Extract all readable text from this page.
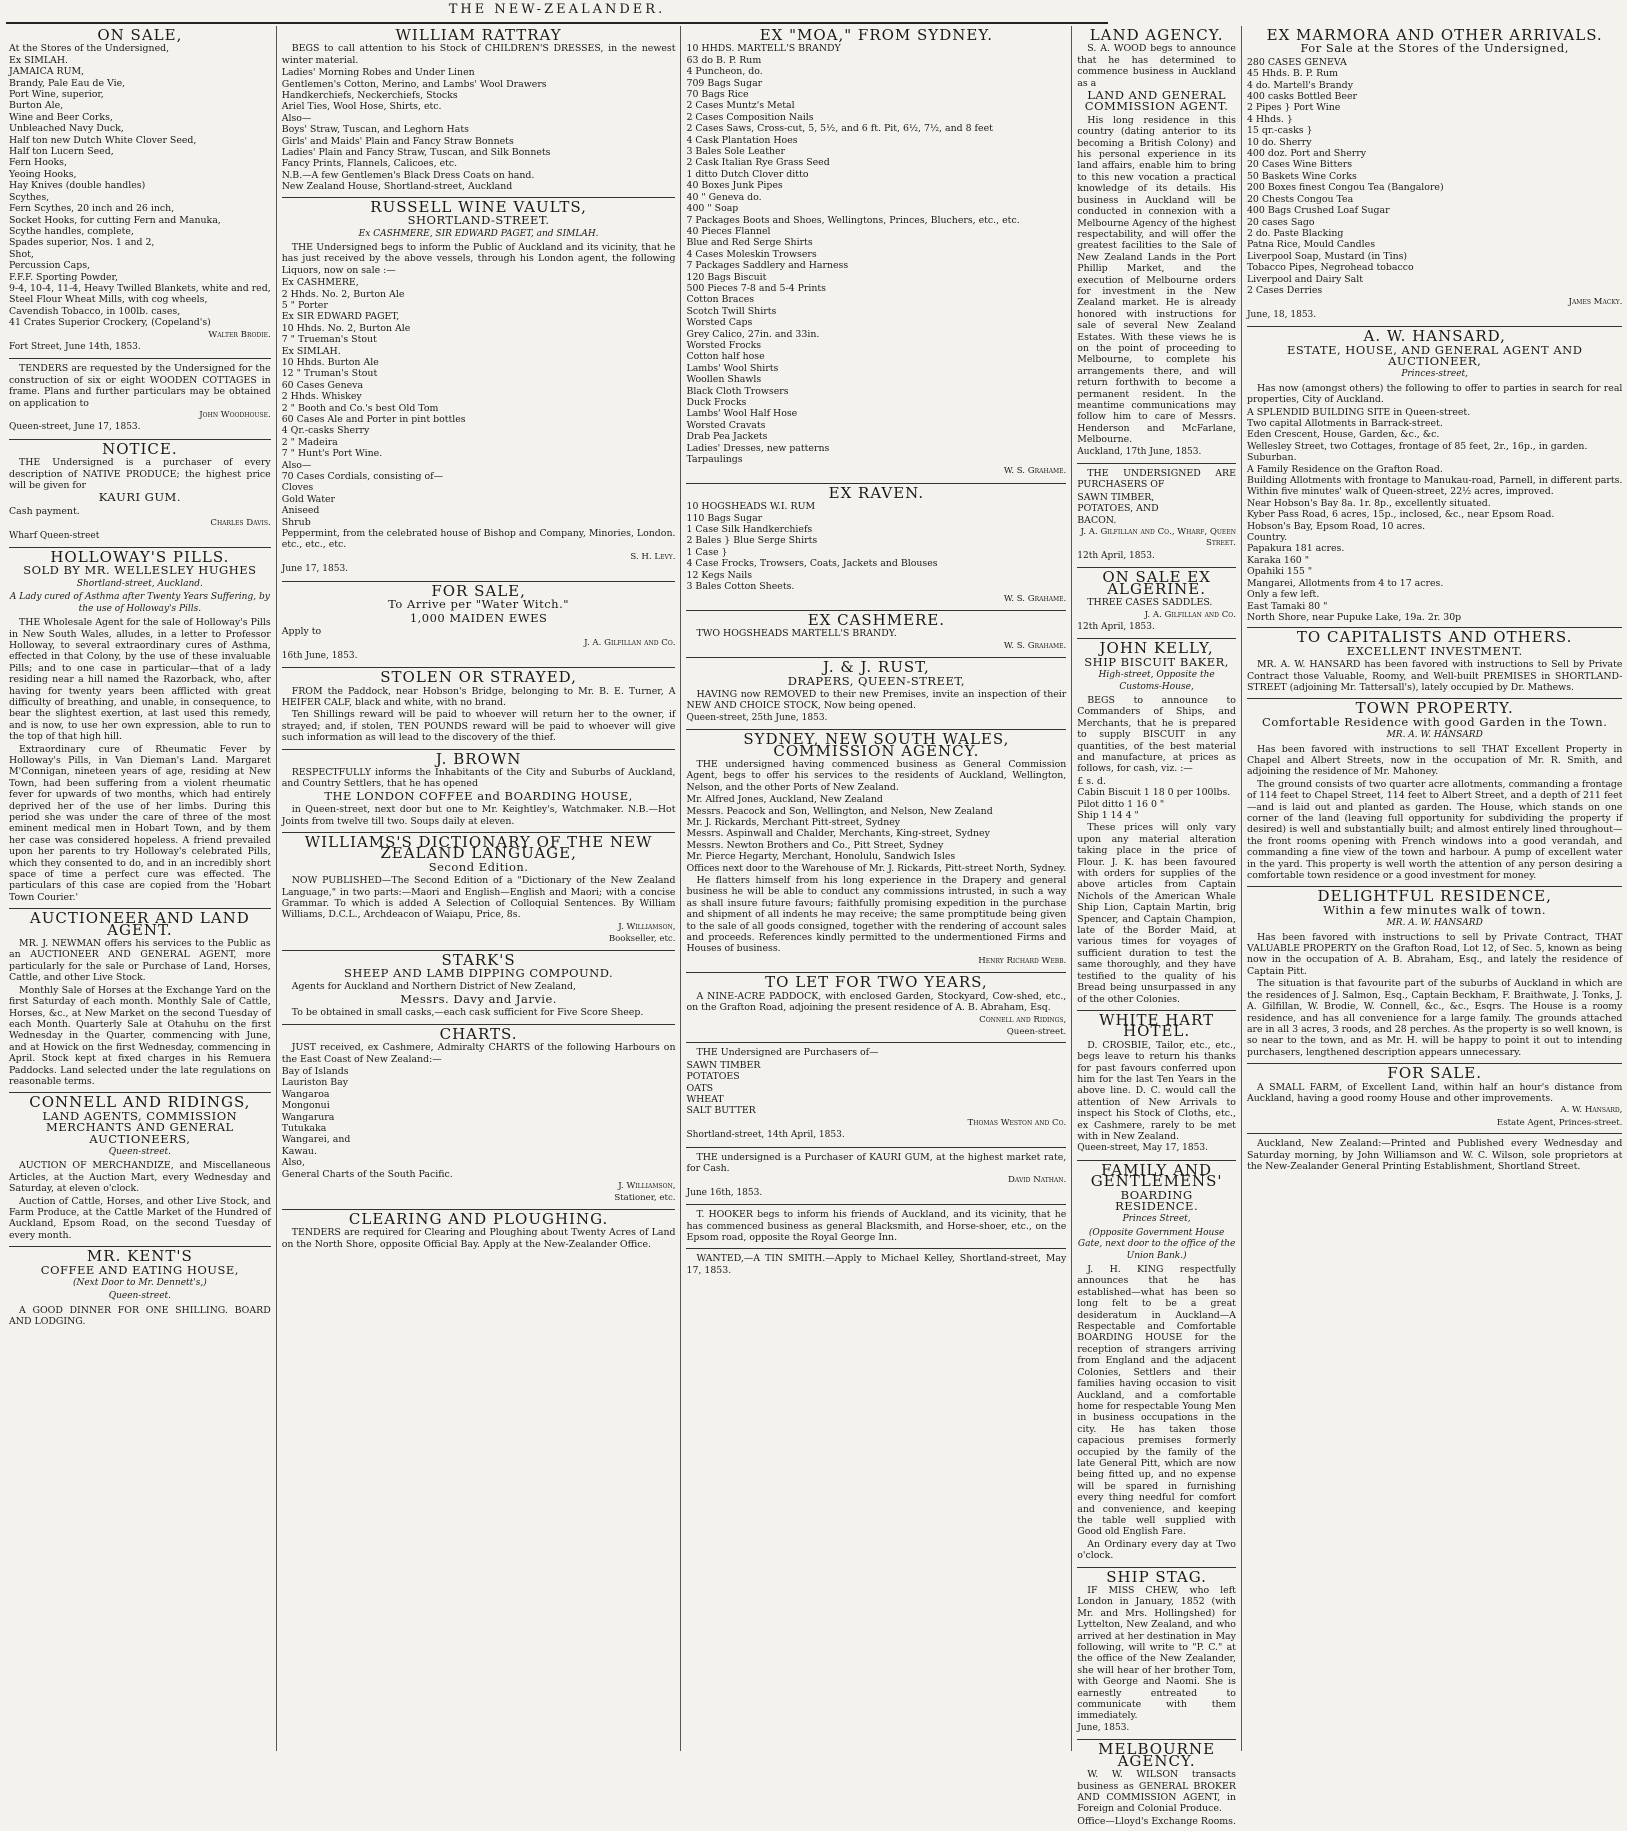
THE NEW-ZEALANDER.
ON SALE,
At the Stores of the Undersigned,
Ex SIMLAH.
JAMAICA RUM,
Brandy, Pale Eau de Vie,
Port Wine, superior,
Burton Ale,
Wine and Beer Corks,
Unbleached Navy Duck,
Half ton new Dutch White Clover Seed,
Half ton Lucern Seed,
Fern Hooks,
Yeoing Hooks,
Hay Knives (double handles)
Scythes,
Fern Scythes, 20 inch and 26 inch,
Socket Hooks, for cutting Fern and Manuka,
Scythe handles, complete,
Spades superior, Nos. 1 and 2,
Shot,
Percussion Caps,
F.F.F. Sporting Powder,
9-4, 10-4, 11-4, Heavy Twilled Blankets, white and red,
Steel Flour Wheat Mills, with cog wheels,
Cavendish Tobacco, in 100lb. cases,
41 Crates Superior Crockery, (Copeland's)
Walter Brodie.
Fort Street, June 14th, 1853.
TENDERS are requested by the Undersigned for the construction of six or eight WOODEN COTTAGES in frame. Plans and further particulars may be obtained on application to
John Woodhouse.
Queen-street, June 17, 1853.
NOTICE.
THE Undersigned is a purchaser of every description of NATIVE PRODUCE; the highest price will be given for
KAURI GUM.
Cash payment.
Charles Davis.
Wharf Queen-street
HOLLOWAY'S PILLS.
SOLD BY MR. WELLESLEY HUGHES
Shortland-street, Auckland.
A Lady cured of Asthma after Twenty Years Suffering, by the use of Holloway's Pills.
THE Wholesale Agent for the sale of Holloway's Pills in New South Wales, alludes, in a letter to Professor Holloway, to several extraordinary cures of Asthma, effected in that Colony, by the use of these invaluable Pills; and to one case in particular—that of a lady residing near a hill named the Razorback, who, after having for twenty years been afflicted with great difficulty of breathing, and unable, in consequence, to bear the slightest exertion, at last used this remedy, and is now, to use her own expression, able to run to the top of that high hill.
Extraordinary cure of Rheumatic Fever by Holloway's Pills, in Van Dieman's Land. Margaret M'Connigan, nineteen years of age, residing at New Town, had been suffering from a violent rheumatic fever for upwards of two months, which had entirely deprived her of the use of her limbs. During this period she was under the care of three of the most eminent medical men in Hobart Town, and by them her case was considered hopeless. A friend prevailed upon her parents to try Holloway's celebrated Pills, which they consented to do, and in an incredibly short space of time a perfect cure was effected. The particulars of this case are copied from the 'Hobart Town Courier.'
AUCTIONEER AND LAND AGENT.
MR. J. NEWMAN offers his services to the Public as an AUCTIONEER AND GENERAL AGENT, more particularly for the sale or Purchase of Land, Horses, Cattle, and other Live Stock.
Monthly Sale of Horses at the Exchange Yard on the first Saturday of each month. Monthly Sale of Cattle, Horses, &c., at New Market on the second Tuesday of each Month. Quarterly Sale at Otahuhu on the first Wednesday in the Quarter, commencing with June, and at Howick on the first Wednesday, commencing in April. Stock kept at fixed charges in his Remuera Paddocks. Land selected under the late regulations on reasonable terms.
CONNELL AND RIDINGS,
LAND AGENTS, COMMISSION MERCHANTS AND GENERAL AUCTIONEERS,
Queen-street.
AUCTION OF MERCHANDIZE, and Miscellaneous Articles, at the Auction Mart, every Wednesday and Saturday, at eleven o'clock.
Auction of Cattle, Horses, and other Live Stock, and Farm Produce, at the Cattle Market of the Hundred of Auckland, Epsom Road, on the second Tuesday of every month.
MR. KENT'S
COFFEE AND EATING HOUSE,
(Next Door to Mr. Dennett's,)
Queen-street.
A GOOD DINNER FOR ONE SHILLING. BOARD AND LODGING.
WILLIAM RATTRAY
BEGS to call attention to his Stock of CHILDREN'S DRESSES, in the newest winter material.
Ladies' Morning Robes and Under Linen
Gentlemen's Cotton, Merino, and Lambs' Wool Drawers
Handkerchiefs, Neckerchiefs, Stocks
Ariel Ties, Wool Hose, Shirts, etc.
Also—
Boys' Straw, Tuscan, and Leghorn Hats
Girls' and Maids' Plain and Fancy Straw Bonnets
Ladies' Plain and Fancy Straw, Tuscan, and Silk Bonnets
Fancy Prints, Flannels, Calicoes, etc.
N.B.—A few Gentlemen's Black Dress Coats on hand.
New Zealand House, Shortland-street, Auckland
RUSSELL WINE VAULTS,
SHORTLAND-STREET.
Ex CASHMERE, SIR EDWARD PAGET, and SIMLAH.
THE Undersigned begs to inform the Public of Auckland and its vicinity, that he has just received by the above vessels, through his London agent, the following Liquors, now on sale :—
Ex CASHMERE,
2 Hhds. No. 2, Burton Ale
5 " Porter
Ex SIR EDWARD PAGET,
10 Hhds. No. 2, Burton Ale
7 " Trueman's Stout
Ex SIMLAH.
10 Hhds. Burton Ale
12 " Truman's Stout
60 Cases Geneva
2 Hhds. Whiskey
2 " Booth and Co.'s best Old Tom
60 Cases Ale and Porter in pint bottles
4 Qr.-casks Sherry
2 " Madeira
7 " Hunt's Port Wine.
Also—
70 Cases Cordials, consisting of—
Cloves
Gold Water
Aniseed
Shrub
Peppermint, from the celebrated house of Bishop and Company, Minories, London.
etc., etc., etc.
S. H. Levy.
June 17, 1853.
FOR SALE,
To Arrive per "Water Witch."
1,000 MAIDEN EWES
Apply to
J. A. Gilfillan and Co.
16th June, 1853.
STOLEN OR STRAYED,
FROM the Paddock, near Hobson's Bridge, belonging to Mr. B. E. Turner, A HEIFER CALF, black and white, with no brand.
Ten Shillings reward will be paid to whoever will return her to the owner, if strayed; and, if stolen, TEN POUNDS reward will be paid to whoever will give such information as will lead to the discovery of the thief.
J. BROWN
RESPECTFULLY informs the Inhabitants of the City and Suburbs of Auckland, and Country Settlers, that he has opened
THE LONDON COFFEE and BOARDING HOUSE,
in Queen-street, next door but one to Mr. Keightley's, Watchmaker. N.B.—Hot Joints from twelve till two. Soups daily at eleven.
WILLIAMS'S DICTIONARY OF THE NEW ZEALAND LANGUAGE,
Second Edition.
NOW PUBLISHED—The Second Edition of a "Dictionary of the New Zealand Language," in two parts:—Maori and English—English and Maori; with a concise Grammar. To which is added A Selection of Colloquial Sentences. By William Williams, D.C.L., Archdeacon of Waiapu, Price, 8s.
J. Williamson,
Bookseller, etc.
STARK'S
SHEEP AND LAMB DIPPING COMPOUND.
Agents for Auckland and Northern District of New Zealand,
Messrs. Davy and Jarvie.
To be obtained in small casks,—each cask sufficient for Five Score Sheep.
CHARTS.
JUST received, ex Cashmere, Admiralty CHARTS of the following Harbours on the East Coast of New Zealand:—
Bay of Islands
Lauriston Bay
Wangaroa
Mongonui
Wangarura
Tutukaka
Wangarei, and
Kawau.
Also,
General Charts of the South Pacific.
J. Williamson,
Stationer, etc.
CLEARING AND PLOUGHING.
TENDERS are required for Clearing and Ploughing about Twenty Acres of Land on the North Shore, opposite Official Bay. Apply at the New-Zealander Office.
EX "MOA," FROM SYDNEY.
10 HHDS. MARTELL'S BRANDY
63 do B. P. Rum
4 Puncheon, do.
709 Bags Sugar
70 Bags Rice
2 Cases Muntz's Metal
2 Cases Composition Nails
2 Cases Saws, Cross-cut, 5, 5½, and 6 ft. Pit, 6½, 7½, and 8 feet
4 Cask Plantation Hoes
3 Bales Sole Leather
2 Cask Italian Rye Grass Seed
1 ditto Dutch Clover ditto
40 Boxes Junk Pipes
40 " Geneva do.
400 " Soap
7 Packages Boots and Shoes, Wellingtons, Princes, Bluchers, etc., etc.
40 Pieces Flannel
Blue and Red Serge Shirts
4 Cases Moleskin Trowsers
7 Packages Saddlery and Harness
120 Bags Biscuit
500 Pieces 7-8 and 5-4 Prints
Cotton Braces
Scotch Twill Shirts
Worsted Caps
Grey Calico, 27in. and 33in.
Worsted Frocks
Cotton half hose
Lambs' Wool Shirts
Woollen Shawls
Black Cloth Trowsers
Duck Frocks
Lambs' Wool Half Hose
Worsted Cravats
Drab Pea Jackets
Ladies' Dresses, new patterns
Tarpaulings
W. S. Grahame.
EX RAVEN.
10 HOGSHEADS W.I. RUM
110 Bags Sugar
1 Case Silk Handkerchiefs
2 Bales } Blue Serge Shirts
1 Case }
4 Case Frocks, Trowsers, Coats, Jackets and Blouses
12 Kegs Nails
3 Bales Cotton Sheets.
W. S. Grahame.
EX CASHMERE.
TWO HOGSHEADS MARTELL'S BRANDY.
W. S. Grahame.
J. & J. RUST,
DRAPERS, QUEEN-STREET,
HAVING now REMOVED to their new Premises, invite an inspection of their NEW AND CHOICE STOCK, Now being opened.
Queen-street, 25th June, 1853.
SYDNEY, NEW SOUTH WALES, COMMISSION AGENCY.
THE undersigned having commenced business as General Commission Agent, begs to offer his services to the residents of Auckland, Wellington, Nelson, and the other Ports of New Zealand.
Mr. Alfred Jones, Auckland, New Zealand
Messrs. Peacock and Son, Wellington, and Nelson, New Zealand
Mr. J. Rickards, Merchant Pitt-street, Sydney
Messrs. Aspinwall and Chalder, Merchants, King-street, Sydney
Messrs. Newton Brothers and Co., Pitt Street, Sydney
Mr. Pierce Hegarty, Merchant, Honolulu, Sandwich Isles
Offices next door to the Warehouse of Mr. J. Rickards, Pitt-street North, Sydney.
He flatters himself from his long experience in the Drapery and general business he will be able to conduct any commissions intrusted, in such a way as shall insure future favours; faithfully promising expedition in the purchase and shipment of all indents he may receive; the same promptitude being given to the sale of all goods consigned, together with the rendering of account sales and proceeds. References kindly permitted to the undermentioned Firms and Houses of business.
Henry Richard Webb.
TO LET FOR TWO YEARS,
A NINE-ACRE PADDOCK, with enclosed Garden, Stockyard, Cow-shed, etc., on the Grafton Road, adjoining the present residence of A. B. Abraham, Esq.
Connell and Ridings,
Queen-street.
THE Undersigned are Purchasers of—
SAWN TIMBER
POTATOES
OATS
WHEAT
SALT BUTTER
Thomas Weston and Co.
Shortland-street, 14th April, 1853.
THE undersigned is a Purchaser of KAURI GUM, at the highest market rate, for Cash.
David Nathan.
June 16th, 1853.
T. HOOKER begs to inform his friends of Auckland, and its vicinity, that he has commenced business as general Blacksmith, and Horse-shoer, etc., on the Epsom road, opposite the Royal George Inn.
WANTED,—A TIN SMITH.—Apply to Michael Kelley, Shortland-street, May 17, 1853.
LAND AGENCY.
S. A. WOOD begs to announce that he has determined to commence business in Auckland as a
LAND AND GENERAL COMMISSION AGENT.
His long residence in this country (dating anterior to its becoming a British Colony) and his personal experience in its land affairs, enable him to bring to this new vocation a practical knowledge of its details. His business in Auckland will be conducted in connexion with a Melbourne Agency of the highest respectability, and will offer the greatest facilities to the Sale of New Zealand Lands in the Port Phillip Market, and the execution of Melbourne orders for investment in the New Zealand market. He is already honored with instructions for sale of several New Zealand Estates. With these views he is on the point of proceeding to Melbourne, to complete his arrangements there, and will return forthwith to become a permanent resident. In the meantime communications may follow him to care of Messrs. Henderson and McFarlane, Melbourne.
Auckland, 17th June, 1853.
THE UNDERSIGNED ARE PURCHASERS OF
SAWN TIMBER,
POTATOES, AND
BACON.
J. A. Gilfillan and Co., Wharf, Queen Street.
12th April, 1853.
ON SALE EX ALGERINE.
THREE CASES SADDLES.
J. A. Gilfillan and Co.
12th April, 1853.
JOHN KELLY,
SHIP BISCUIT BAKER,
High-street, Opposite the Customs-House,
BEGS to announce to Commanders of Ships, and Merchants, that he is prepared to supply BISCUIT in any quantities, of the best material and manufacture, at prices as follows, for cash, viz. :—
£ s. d.
Cabin Biscuit 1 18 0 per 100lbs.
Pilot ditto 1 16 0 "
Ship 1 14 4 "
These prices will only vary upon any material alteration taking place in the price of Flour. J. K. has been favoured with orders for supplies of the above articles from Captain Nichols of the American Whale Ship Lion, Captain Martin, brig Spencer, and Captain Champion, late of the Border Maid, at various times for voyages of sufficient duration to test the same thoroughly, and they have testified to the quality of his Bread being unsurpassed in any of the other Colonies.
WHITE HART HOTEL.
D. CROSBIE, Tailor, etc., etc., begs leave to return his thanks for past favours conferred upon him for the last Ten Years in the above line. D. C. would call the attention of New Arrivals to inspect his Stock of Cloths, etc., ex Cashmere, rarely to be met with in New Zealand.
Queen-street, May 17, 1853.
FAMILY AND GENTLEMENS'
BOARDING RESIDENCE.
Princes Street,
(Opposite Government House Gate, next door to the office of the Union Bank.)
J. H. KING respectfully announces that he has established—what has been so long felt to be a great desideratum in Auckland—A Respectable and Comfortable BOARDING HOUSE for the reception of strangers arriving from England and the adjacent Colonies, Settlers and their families having occasion to visit Auckland, and a comfortable home for respectable Young Men in business occupations in the city. He has taken those capacious premises formerly occupied by the family of the late General Pitt, which are now being fitted up, and no expense will be spared in furnishing every thing needful for comfort and convenience, and keeping the table well supplied with Good old English Fare.
An Ordinary every day at Two o'clock.
SHIP STAG.
IF MISS CHEW, who left London in January, 1852 (with Mr. and Mrs. Hollingshed) for Lyttelton, New Zealand, and who arrived at her destination in May following, will write to "P. C." at the office of the New Zealander, she will hear of her brother Tom, with George and Naomi. She is earnestly entreated to communicate with them immediately.
June, 1853.
MELBOURNE AGENCY.
W. W. WILSON transacts business as GENERAL BROKER AND COMMISSION AGENT, in Foreign and Colonial Produce.
Office—Lloyd's Exchange Rooms.
EX MARMORA AND OTHER ARRIVALS.
For Sale at the Stores of the Undersigned,
280 CASES GENEVA
45 Hhds. B. P. Rum
4 do. Martell's Brandy
400 casks Bottled Beer
2 Pipes } Port Wine
4 Hhds. }
15 qr.-casks }
10 do. Sherry
400 doz. Port and Sherry
20 Cases Wine Bitters
50 Baskets Wine Corks
200 Boxes finest Congou Tea (Bangalore)
20 Chests Congou Tea
400 Bags Crushed Loaf Sugar
20 cases Sago
2 do. Paste Blacking
Patna Rice, Mould Candles
Liverpool Soap, Mustard (in Tins)
Tobacco Pipes, Negrohead tobacco
Liverpool and Dairy Salt
2 Cases Derries
James Macky.
June, 18, 1853.
A. W. HANSARD,
ESTATE, HOUSE, AND GENERAL AGENT AND AUCTIONEER,
Princes-street,
Has now (amongst others) the following to offer to parties in search for real properties, City of Auckland.
A SPLENDID BUILDING SITE in Queen-street.
Two capital Allotments in Barrack-street.
Eden Crescent, House, Garden, &c., &c.
Wellesley Street, two Cottages, frontage of 85 feet, 2r., 16p., in garden.
Suburban.
A Family Residence on the Grafton Road.
Building Allotments with frontage to Manukau-road, Parnell, in different parts.
Within five minutes' walk of Queen-street, 22½ acres, improved.
Near Hobson's Bay 8a. 1r. 8p., excellently situated.
Kyber Pass Road, 6 acres, 15p., inclosed, &c., near Epsom Road.
Hobson's Bay, Epsom Road, 10 acres.
Country.
Papakura 181 acres.
Karaka 160 "
Opahiki 155 "
Mangarei, Allotments from 4 to 17 acres.
Only a few left.
East Tamaki 80 "
North Shore, near Pupuke Lake, 19a. 2r. 30p
TO CAPITALISTS AND OTHERS.
EXCELLENT INVESTMENT.
MR. A. W. HANSARD has been favored with instructions to Sell by Private Contract those Valuable, Roomy, and Well-built PREMISES in SHORTLAND-STREET (adjoining Mr. Tattersall's), lately occupied by Dr. Mathews.
TOWN PROPERTY.
Comfortable Residence with good Garden in the Town.
MR. A. W. HANSARD
Has been favored with instructions to sell THAT Excellent Property in Chapel and Albert Streets, now in the occupation of Mr. R. Smith, and adjoining the residence of Mr. Mahoney.
The ground consists of two quarter acre allotments, commanding a frontage of 114 feet to Chapel Street, 114 feet to Albert Street, and a depth of 211 feet—and is laid out and planted as garden. The House, which stands on one corner of the land (leaving full opportunity for subdividing the property if desired) is well and substantially built; and almost entirely lined throughout—the front rooms opening with French windows into a good verandah, and commanding a fine view of the town and harbour. A pump of excellent water in the yard. This property is well worth the attention of any person desiring a comfortable town residence or a good investment for money.
DELIGHTFUL RESIDENCE,
Within a few minutes walk of town.
MR. A. W. HANSARD
Has been favored with instructions to sell by Private Contract, THAT VALUABLE PROPERTY on the Grafton Road, Lot 12, of Sec. 5, known as being now in the occupation of A. B. Abraham, Esq., and lately the residence of Captain Pitt.
The situation is that favourite part of the suburbs of Auckland in which are the residences of J. Salmon, Esq., Captain Beckham, F. Braithwate, J. Tonks, J. A. Gilfillan, W. Brodie, W. Connell, &c., &c., Esqrs. The House is a roomy residence, and has all convenience for a large family. The grounds attached are in all 3 acres, 3 roods, and 28 perches. As the property is so well known, is so near to the town, and as Mr. H. will be happy to point it out to intending purchasers, lengthened description appears unnecessary.
FOR SALE.
A SMALL FARM, of Excellent Land, within half an hour's distance from Auckland, having a good roomy House and other improvements.
A. W. Hansard,
Estate Agent, Princes-street.
Auckland, New Zealand:—Printed and Published every Wednesday and Saturday morning, by John Williamson and W. C. Wilson, sole proprietors at the New-Zealander General Printing Establishment, Shortland Street.
